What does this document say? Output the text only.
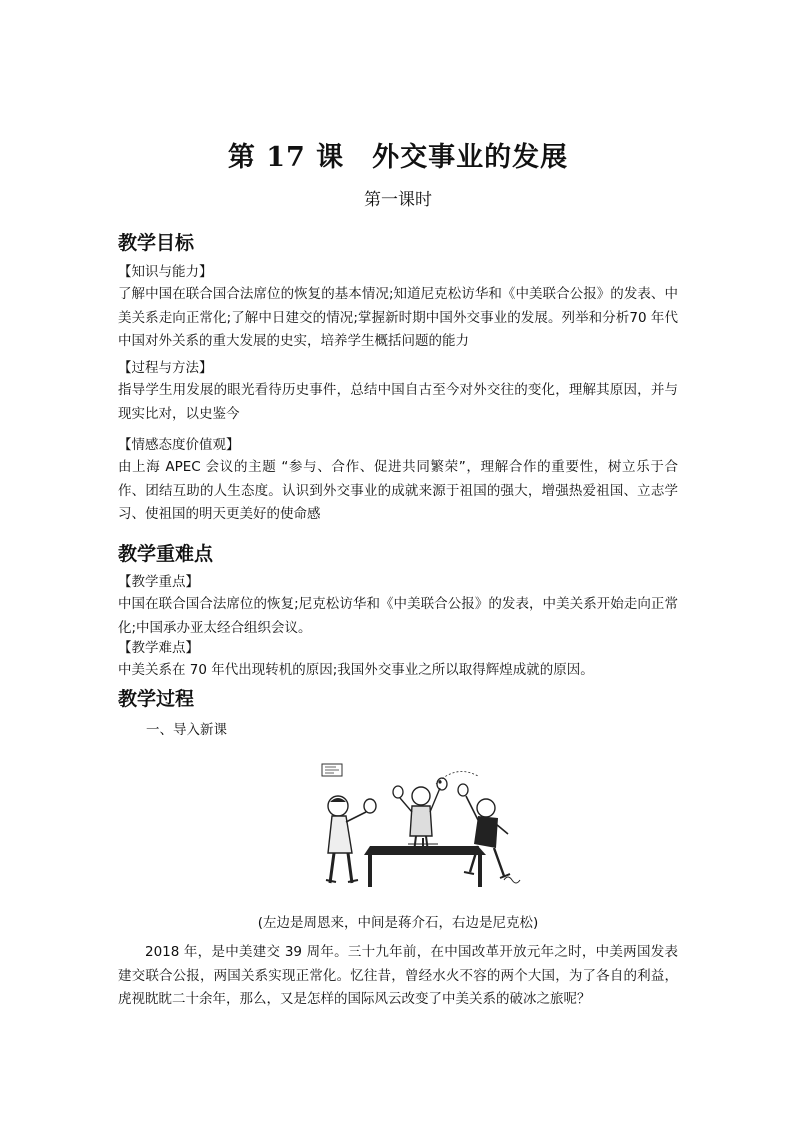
第 17 课　外交事业的发展

第一课时

教学目标

【知识与能力】

了解中国在联合国合法席位的恢复的基本情况;知道尼克松访华和《中美联合公报》的发表、中美关系走向正常化;了解中日建交的情况;掌握新时期中国外交事业的发展。列举和分析70 年代中国对外关系的重大发展的史实，培养学生概括问题的能力

【过程与方法】

指导学生用发展的眼光看待历史事件，总结中国自古至今对外交往的变化，理解其原因，并与现实比对，以史鉴今

【情感态度价值观】

由上海 APEC 会议的主题 “参与、合作、促进共同繁荣”，理解合作的重要性，树立乐于合作、团结互助的人生态度。认识到外交事业的成就来源于祖国的强大，增强热爱祖国、立志学习、使祖国的明天更美好的使命感

教学重难点

【教学重点】

中国在联合国合法席位的恢复;尼克松访华和《中美联合公报》的发表，中美关系开始走向正常化;中国承办亚太经合组织会议。

【教学难点】

中美关系在 70 年代出现转机的原因;我国外交事业之所以取得辉煌成就的原因。

教学过程

一、导入新课

(左边是周恩来，中间是蒋介石，右边是尼克松)

2018 年，是中美建交 39 周年。三十九年前，在中国改革开放元年之时，中美两国发表建交联合公报，两国关系实现正常化。忆往昔，曾经水火不容的两个大国，为了各自的利益，虎视眈眈二十余年，那么，又是怎样的国际风云改变了中美关系的破冰之旅呢？
